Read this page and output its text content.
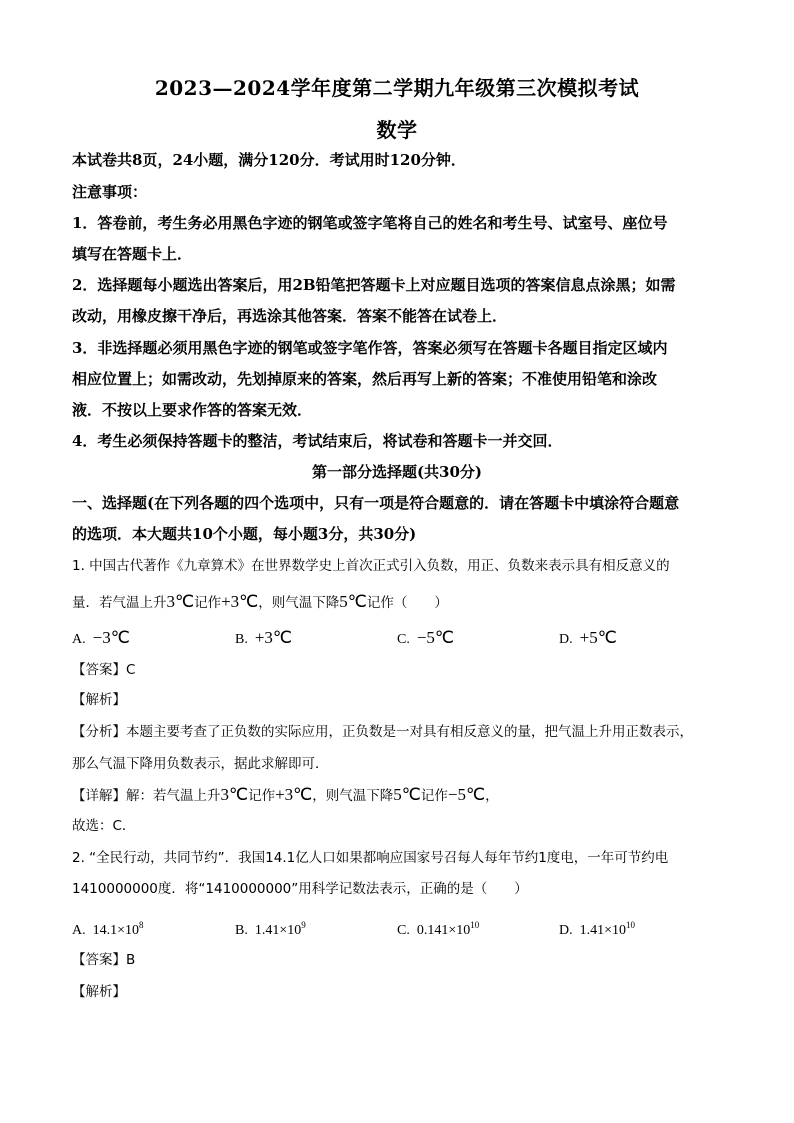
2023—2024学年度第二学期九年级第三次模拟考试
数学
本试卷共8页，24小题，满分120分．考试用时120分钟．
注意事项：
1．答卷前，考生务必用黑色字迹的钢笔或签字笔将自己的姓名和考生号、试室号、座位号
填写在答题卡上．
2．选择题每小题选出答案后，用2B铅笔把答题卡上对应题目选项的答案信息点涂黑；如需
改动，用橡皮擦干净后，再选涂其他答案．答案不能答在试卷上．
3．非选择题必须用黑色字迹的钢笔或签字笔作答，答案必须写在答题卡各题目指定区域内
相应位置上；如需改动，先划掉原来的答案，然后再写上新的答案；不准使用铅笔和涂改
液．不按以上要求作答的答案无效．
4．考生必须保持答题卡的整洁，考试结束后，将试卷和答题卡一并交回．
第一部分选择题(共30分)
一、选择题(在下列各题的四个选项中，只有一项是符合题意的．请在答题卡中填涂符合题意
的选项．本大题共10个小题，每小题3分，共30分)
1. 中国古代著作《九章算术》在世界数学史上首次正式引入负数，用正、负数来表示具有相反意义的
量．若气温上升3℃记作+3℃，则气温下降5℃记作（　　）
A. −3℃	B. +3℃	C. −5℃	D. +5℃
【答案】C
【解析】
【分析】本题主要考查了正负数的实际应用，正负数是一对具有相反意义的量，把气温上升用正数表示，
那么气温下降用负数表示，据此求解即可．
【详解】解：若气温上升3℃记作+3℃，则气温下降5℃记作−5℃，
故选：C．
2. “全民行动，共同节约”．我国14.1亿人口如果都响应国家号召每人每年节约1度电，一年可节约电
1410000000度．将“1410000000”用科学记数法表示，正确的是（　　）
A. $14.1\times 10^8$	B. $1.41\times 10^9$	C. $0.141\times 10^{10}$	D. $1.41\times 10^{10}$
【答案】B
【解析】
